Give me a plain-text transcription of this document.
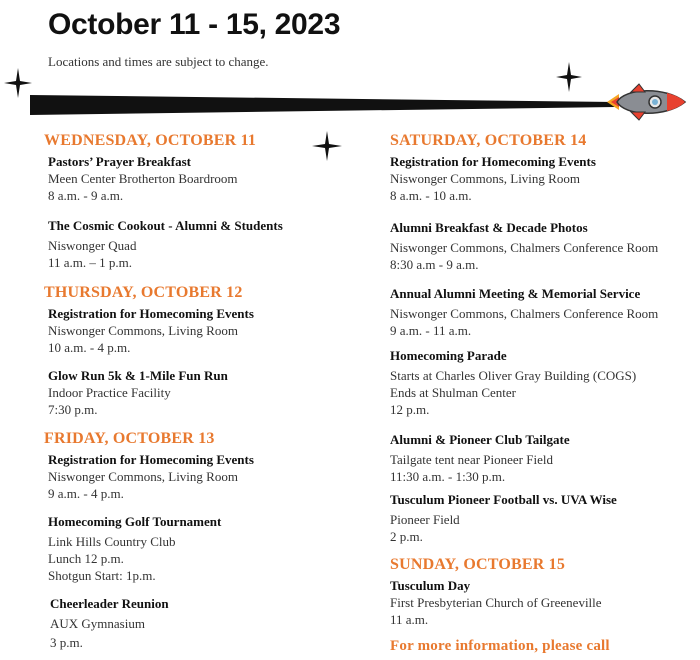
October 11 - 15, 2023
Locations and times are subject to change.
WEDNESDAY, OCTOBER 11
Pastors’ Prayer Breakfast
Meen Center Brotherton Boardroom
8 a.m. - 9 a.m.
The Cosmic Cookout - Alumni & Students
Niswonger Quad
11 a.m. – 1 p.m.
THURSDAY, OCTOBER 12
Registration for Homecoming Events
Niswonger Commons, Living Room
10 a.m. - 4 p.m.
Glow Run 5k & 1-Mile Fun Run
Indoor Practice Facility
7:30 p.m.
FRIDAY, OCTOBER 13
Registration for Homecoming Events
Niswonger Commons, Living Room
9 a.m. - 4 p.m.
Homecoming Golf Tournament
Link Hills Country Club
Lunch 12 p.m.
Shotgun Start: 1p.m.
Cheerleader Reunion
AUX Gymnasium
3 p.m.
SATURDAY, OCTOBER 14
Registration for Homecoming Events
Niswonger Commons, Living Room
8 a.m. - 10 a.m.
Alumni Breakfast & Decade Photos
Niswonger Commons, Chalmers Conference Room
8:30 a.m - 9 a.m.
Annual Alumni Meeting & Memorial Service
Niswonger Commons, Chalmers Conference Room
9 a.m. - 11 a.m.
Homecoming Parade
Starts at Charles Oliver Gray Building (COGS)
Ends at Shulman Center
12 p.m.
Alumni & Pioneer Club Tailgate
Tailgate tent near Pioneer Field
11:30 a.m. - 1:30 p.m.
Tusculum Pioneer Football vs. UVA Wise
Pioneer Field
2 p.m.
SUNDAY, OCTOBER 15
Tusculum Day
First Presbyterian Church of Greeneville
11 a.m.
For more information, please call
